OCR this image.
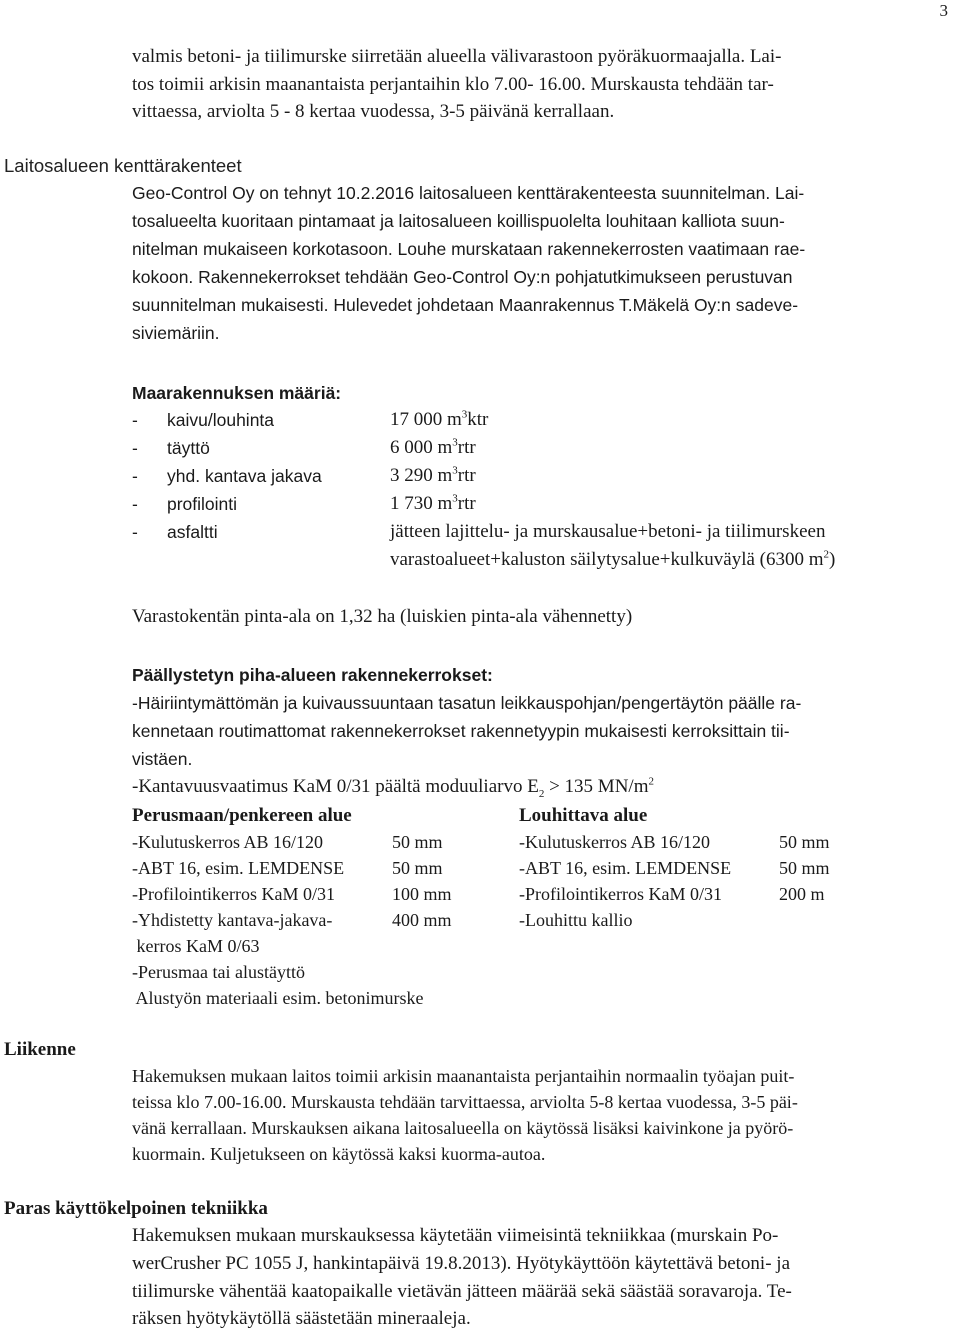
3
valmis betoni- ja tiilimurske siirretään alueella välivarastoon pyöräkuormaajalla. Lai-
tos toimii arkisin maanantaista perjantaihin klo 7.00- 16.00. Murskausta tehdään tar-
vittaessa, arviolta 5 - 8 kertaa vuodessa, 3-5 päivänä kerrallaan.
Laitosalueen kenttärakenteet
Geo-Control Oy on tehnyt 10.2.2016 laitosalueen kenttärakenteesta suunnitelman. Lai-
tosalueelta kuoritaan pintamaat ja laitosalueen koillispuolelta louhitaan kalliota suun-
nitelman mukaiseen korkotasoon. Louhe murskataan rakennekerrosten vaatimaan rae-
kokoon. Rakennekerrokset tehdään Geo-Control Oy:n pohjatutkimukseen perustuvan
suunnitelman mukaisesti. Hulevedet johdetaan Maanrakennus T.Mäkelä Oy:n sadeve-
siviemäriin.
Maarakennuksen määriä:
- kaivu/louhinta	17 000 $m^3ktr$
- täyttö	6 000 $m^3rtr$
- yhd. kantava jakava	3 290 $m^3rtr$
- profilointi	1 730 $m^3rtr$
- asfaltti	jätteen lajittelu- ja murskausalue+betoni- ja tiilimurskeen
varastoalueet+kaluston säilytysalue+kulkuväylä (6300 $m^2$)
Varastokentän pinta-ala on 1,32 ha (luiskien pinta-ala vähennetty)
Päällystetyn piha-alueen rakennekerrokset:
-Häiriintymättömän ja kuivaussuuntaan tasatun leikkauspohjan/pengertäytön päälle ra-
kennetaan routimattomat rakennekerrokset rakennetyypin mukaisesti kerroksittain tii-
vistäen.
-Kantavuusvaatimus KaM 0/31 päältä moduuliarvo $E_2 > 135$ $MN/m^2$
Perusmaan/penkereen alue
-Kulutuskerros AB 16/120	50 mm
-ABT 16, esim. LEMDENSE	50 mm
-Profilointikerros KaM 0/31	100 mm
-Yhdistetty kantava-jakava-	400 mm
kerros KaM 0/63
-Perusmaa tai alustäyttö
Alustyön materiaali esim. betonimurske
Louhittava alue
-Kulutuskerros AB 16/120	50 mm
-ABT 16, esim. LEMDENSE	50 mm
-Profilointikerros KaM 0/31	200 m
-Louhittu kallio
Liikenne
Hakemuksen mukaan laitos toimii arkisin maanantaista perjantaihin normaalin työajan puit-
teissa klo 7.00-16.00. Murskausta tehdään tarvittaessa, arviolta 5-8 kertaa vuodessa, 3-5 päi-
vänä kerrallaan. Murskauksen aikana laitosalueella on käytössä lisäksi kaivinkone ja pyörö-
kuormain. Kuljetukseen on käytössä kaksi kuorma-autoa.
Paras käyttökelpoinen tekniikka
Hakemuksen mukaan murskauksessa käytetään viimeisintä tekniikkaa (murskain Po-
werCrusher PC 1055 J, hankintapäivä 19.8.2013). Hyötykäyttöön käytettävä betoni- ja
tiilimurske vähentää kaatopaikalle vietävän jätteen määrää sekä säästää soravaroja. Te-
räksen hyötykäytöllä säästetään mineraaleja.
